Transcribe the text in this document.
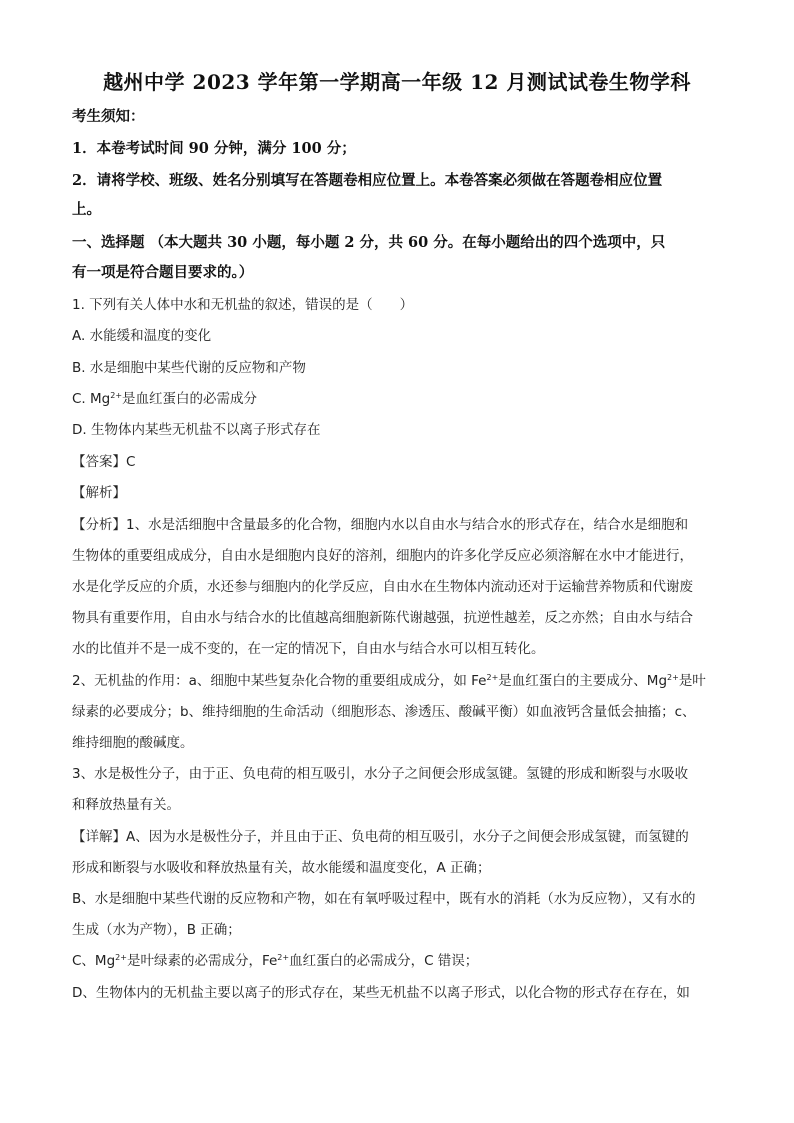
越州中学 2023 学年第一学期高一年级 12 月测试试卷生物学科
考生须知：
1．本卷考试时间 90 分钟，满分 100 分；
2．请将学校、班级、姓名分别填写在答题卷相应位置上。本卷答案必须做在答题卷相应位置
上。
一、选择题 （本大题共 30 小题，每小题 2 分，共 60 分。在每小题给出的四个选项中，只
有一项是符合题目要求的。）
1. 下列有关人体中水和无机盐的叙述，错误的是（　　）
A. 水能缓和温度的变化
B. 水是细胞中某些代谢的反应物和产物
C. $Mg^{2+}$是血红蛋白的必需成分
D. 生物体内某些无机盐不以离子形式存在
【答案】C
【解析】
【分析】1、水是活细胞中含量最多的化合物，细胞内水以自由水与结合水的形式存在，结合水是细胞和
生物体的重要组成成分，自由水是细胞内良好的溶剂，细胞内的许多化学反应必须溶解在水中才能进行，
水是化学反应的介质，水还参与细胞内的化学反应，自由水在生物体内流动还对于运输营养物质和代谢废
物具有重要作用，自由水与结合水的比值越高细胞新陈代谢越强，抗逆性越差，反之亦然；自由水与结合
水的比值并不是一成不变的，在一定的情况下，自由水与结合水可以相互转化。
2、无机盐的作用：a、细胞中某些复杂化合物的重要组成成分，如 $Fe^{2+}$是血红蛋白的主要成分、$Mg^{2+}$是叶
绿素的必要成分；b、维持细胞的生命活动（细胞形态、渗透压、酸碱平衡）如血液钙含量低会抽搐；c、
维持细胞的酸碱度。
3、水是极性分子，由于正、负电荷的相互吸引，水分子之间便会形成氢键。氢键的形成和断裂与水吸收
和释放热量有关。
【详解】A、因为水是极性分子，并且由于正、负电荷的相互吸引，水分子之间便会形成氢键，而氢键的
形成和断裂与水吸收和释放热量有关，故水能缓和温度变化，A 正确；
B、水是细胞中某些代谢的反应物和产物，如在有氧呼吸过程中，既有水的消耗（水为反应物），又有水的
生成（水为产物），B 正确；
C、$Mg^{2+}$是叶绿素的必需成分，$Fe^{2+}$血红蛋白的必需成分，C 错误；
D、生物体内的无机盐主要以离子的形式存在，某些无机盐不以离子形式，以化合物的形式存在存在，如
